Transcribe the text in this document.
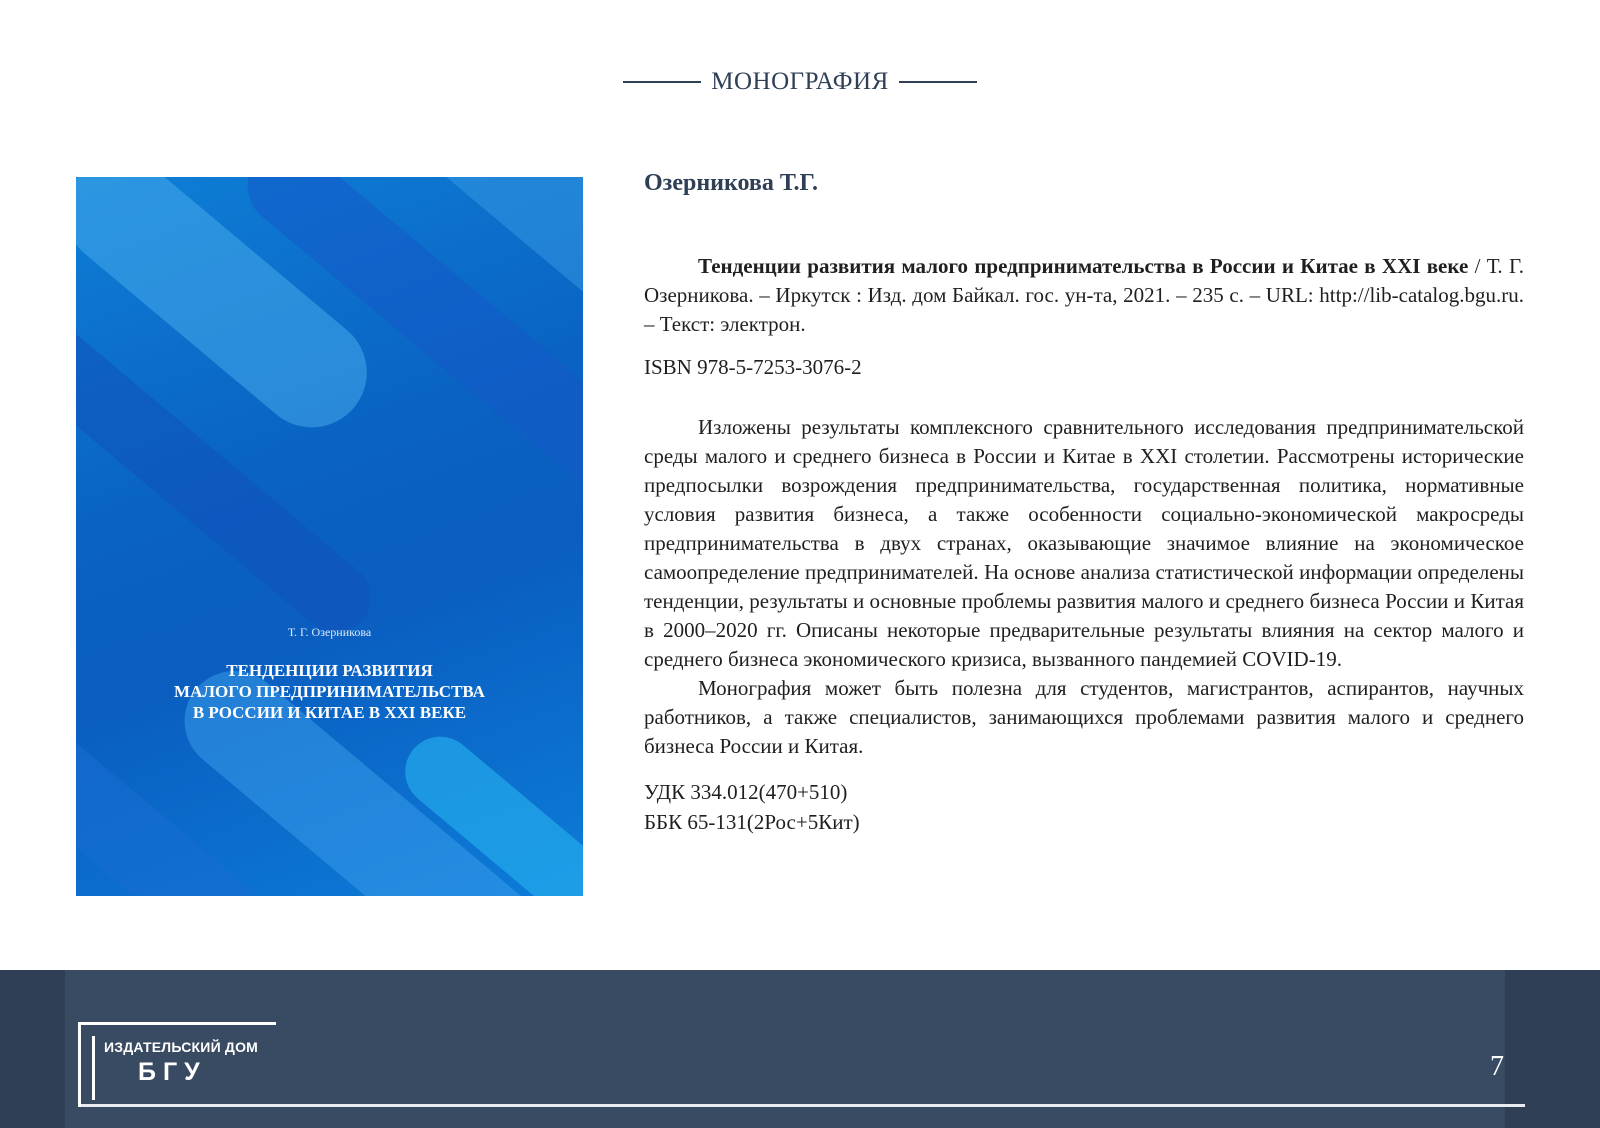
МОНОГРАФИЯ
Т. Г. Озерникова
ТЕНДЕНЦИИ РАЗВИТИЯ
МАЛОГО ПРЕДПРИНИМАТЕЛЬСТВА
В РОССИИ И КИТАЕ В XXI ВЕКЕ

Озерникова Т.Г.

Тенденции развития малого предпринимательства в России и Китае в XXI веке / Т. Г. Озерникова. – Иркутск : Изд. дом Байкал. гос. ун-та, 2021. – 235 с. – URL: http://lib-catalog.bgu.ru. – Текст: электрон.

ISBN 978-5-7253-3076-2

Изложены результаты комплексного сравнительного исследования предпринимательской среды малого и среднего бизнеса в России и Китае в XXI столетии. Рассмотрены исторические предпосылки возрождения предпринимательства, государственная политика, нормативные условия развития бизнеса, а также особенности социально-экономической макросреды предпринимательства в двух странах, оказывающие значимое влияние на экономическое самоопределение предпринимателей. На основе анализа статистической информации определены тенденции, результаты и основные проблемы развития малого и среднего бизнеса России и Китая в 2000–2020 гг. Описаны некоторые предварительные результаты влияния на сектор малого и среднего бизнеса экономического кризиса, вызванного пандемией COVID-19.

Монография может быть полезна для студентов, магистрантов, аспирантов, научных работников, а также специалистов, занимающихся проблемами развития малого и среднего бизнеса России и Китая.

УДК 334.012(470+510)
ББК 65-131(2Рос+5Кит)
ИЗДАТЕЛЬСКИЙ ДОМ
БГУ	7
